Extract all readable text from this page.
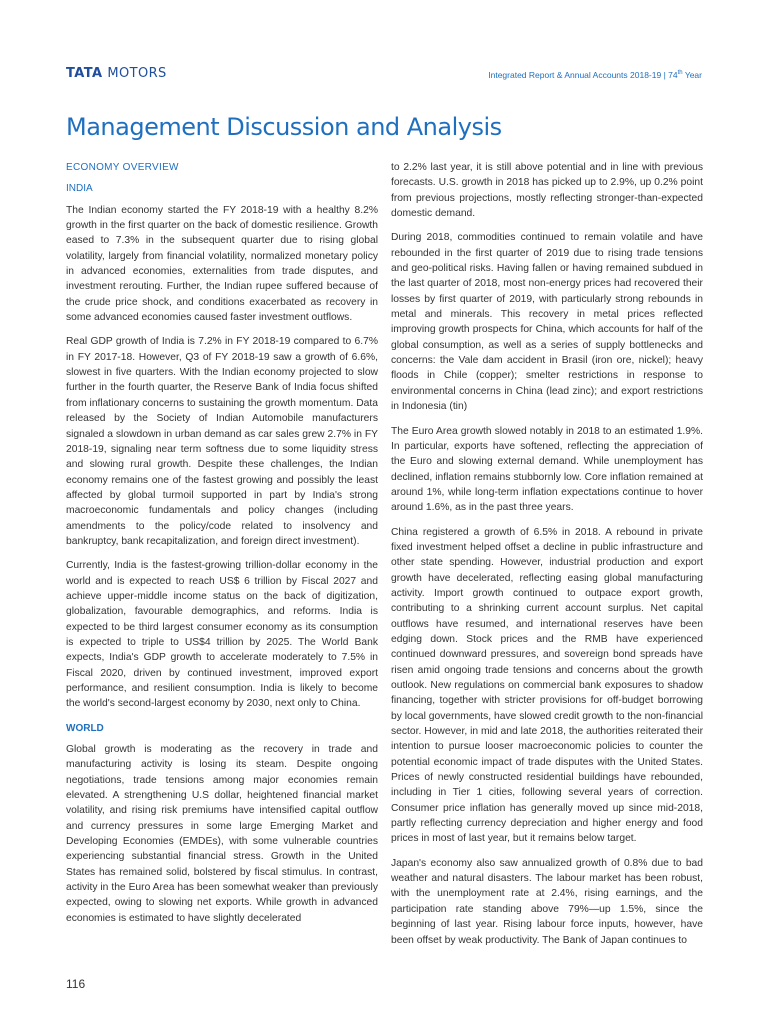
TATA MOTORS	Integrated Report & Annual Accounts 2018-19 | 74th Year
Management Discussion and Analysis
ECONOMY OVERVIEW
INDIA

The Indian economy started the FY 2018-19 with a healthy 8.2% growth in the first quarter on the back of domestic resilience. Growth eased to 7.3% in the subsequent quarter due to rising global volatility, largely from financial volatility, normalized monetary policy in advanced economies, externalities from trade disputes, and investment rerouting. Further, the Indian rupee suffered because of the crude price shock, and conditions exacerbated as recovery in some advanced economies caused faster investment outflows.

Real GDP growth of India is 7.2% in FY 2018-19 compared to 6.7% in FY 2017-18. However, Q3 of FY 2018-19 saw a growth of 6.6%, slowest in five quarters. With the Indian economy projected to slow further in the fourth quarter, the Reserve Bank of India focus shifted from inflationary concerns to sustaining the growth momentum. Data released by the Society of Indian Automobile manufacturers signaled a slowdown in urban demand as car sales grew 2.7% in FY 2018-19, signaling near term softness due to some liquidity stress and slowing rural growth. Despite these challenges, the Indian economy remains one of the fastest growing and possibly the least affected by global turmoil supported in part by India's strong macroeconomic fundamentals and policy changes (including amendments to the policy/code related to insolvency and bankruptcy, bank recapitalization, and foreign direct investment).

Currently, India is the fastest-growing trillion-dollar economy in the world and is expected to reach US$ 6 trillion by Fiscal 2027 and achieve upper-middle income status on the back of digitization, globalization, favourable demographics, and reforms. India is expected to be third largest consumer economy as its consumption is expected to triple to US$4 trillion by 2025. The World Bank expects, India's GDP growth to accelerate moderately to 7.5% in Fiscal 2020, driven by continued investment, improved export performance, and resilient consumption. India is likely to become the world's second-largest economy by 2030, next only to China.

WORLD

Global growth is moderating as the recovery in trade and manufacturing activity is losing its steam. Despite ongoing negotiations, trade tensions among major economies remain elevated. A strengthening U.S dollar, heightened financial market volatility, and rising risk premiums have intensified capital outflow and currency pressures in some large Emerging Market and Developing Economies (EMDEs), with some vulnerable countries experiencing substantial financial stress. Growth in the United States has remained solid, bolstered by fiscal stimulus. In contrast, activity in the Euro Area has been somewhat weaker than previously expected, owing to slowing net exports. While growth in advanced economies is estimated to have slightly decelerated

to 2.2% last year, it is still above potential and in line with previous forecasts. U.S. growth in 2018 has picked up to 2.9%, up 0.2% point from previous projections, mostly reflecting stronger-than-expected domestic demand.

During 2018, commodities continued to remain volatile and have rebounded in the first quarter of 2019 due to rising trade tensions and geo-political risks. Having fallen or having remained subdued in the last quarter of 2018, most non-energy prices had recovered their losses by first quarter of 2019, with particularly strong rebounds in metal and minerals. This recovery in metal prices reflected improving growth prospects for China, which accounts for half of the global consumption, as well as a series of supply bottlenecks and concerns: the Vale dam accident in Brasil (iron ore, nickel); heavy floods in Chile (copper); smelter restrictions in response to environmental concerns in China (lead zinc); and export restrictions in Indonesia (tin)

The Euro Area growth slowed notably in 2018 to an estimated 1.9%. In particular, exports have softened, reflecting the appreciation of the Euro and slowing external demand. While unemployment has declined, inflation remains stubbornly low. Core inflation remained at around 1%, while long-term inflation expectations continue to hover around 1.6%, as in the past three years.

China registered a growth of 6.5% in 2018. A rebound in private fixed investment helped offset a decline in public infrastructure and other state spending. However, industrial production and export growth have decelerated, reflecting easing global manufacturing activity. Import growth continued to outpace export growth, contributing to a shrinking current account surplus. Net capital outflows have resumed, and international reserves have been edging down. Stock prices and the RMB have experienced continued downward pressures, and sovereign bond spreads have risen amid ongoing trade tensions and concerns about the growth outlook. New regulations on commercial bank exposures to shadow financing, together with stricter provisions for off-budget borrowing by local governments, have slowed credit growth to the non-financial sector. However, in mid and late 2018, the authorities reiterated their intention to pursue looser macroeconomic policies to counter the potential economic impact of trade disputes with the United States. Prices of newly constructed residential buildings have rebounded, including in Tier 1 cities, following several years of correction. Consumer price inflation has generally moved up since mid-2018, partly reflecting currency depreciation and higher energy and food prices in most of last year, but it remains below target.

Japan's economy also saw annualized growth of 0.8% due to bad weather and natural disasters. The labour market has been robust, with the unemployment rate at 2.4%, rising earnings, and the participation rate standing above 79%—up 1.5%, since the beginning of last year. Rising labour force inputs, however, have been offset by weak productivity. The Bank of Japan continues to

116
